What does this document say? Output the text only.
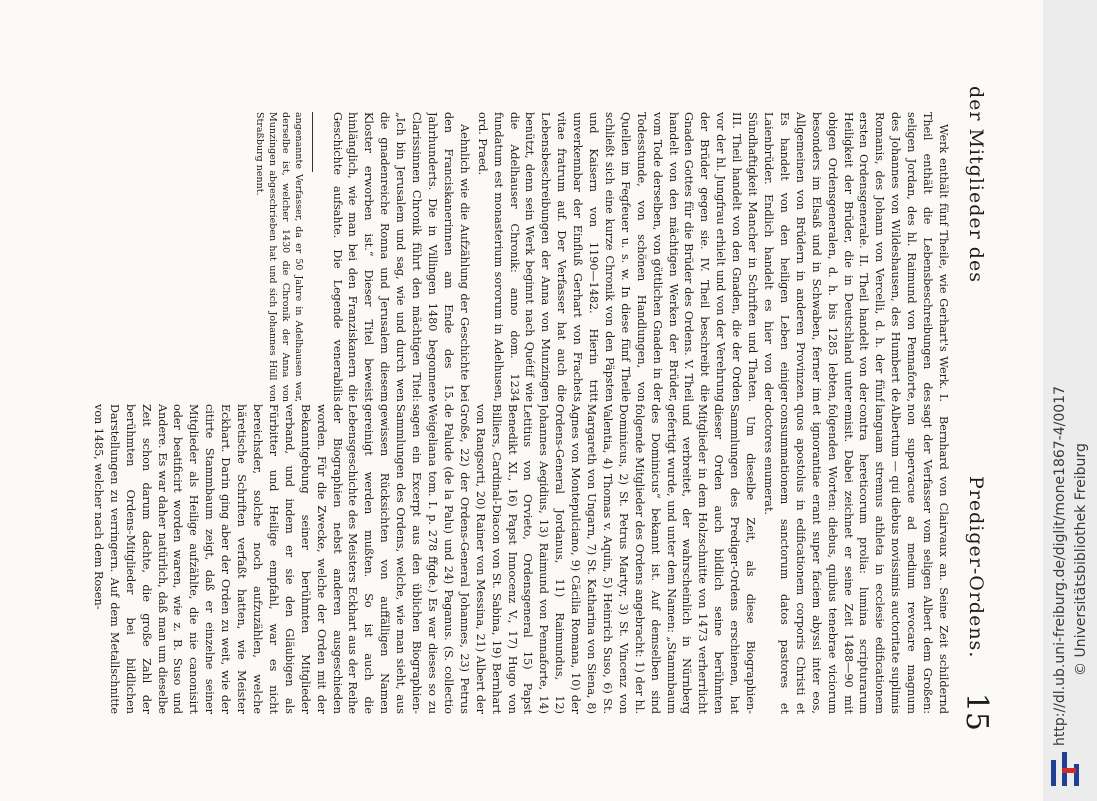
der Mitglieder des
Prediger-Ordens.
15

Werk enthält fünf Theile, wie Gerhart's Werk. I. Theil enthält die Lebensbeschreibungen des seligen Jordan, des hl. Raimund von Pennaforte, des Johannes von Wildeshausen, des Humbert de Romanis, des Johann von Vercelli, d. h. der fünf ersten Ordensgenerale. II. Theil handelt von der Heiligkeit der Brüder, die in Deutschland unter obigen Ordensgeneralen, d. h. bis 1285 lebten, besonders im Elsaß und in Schwaben, ferner im Allgemeinen von Brüdern in anderen Provinzen. Es handelt von den heiligen Leben einiger Laienbrüder. Endlich handelt es hier von der Sündhaftigkeit Mancher in Schriften und Thaten. III. Theil handelt von den Gnaden, die der Orden vor der hl. Jungfrau erhielt und von der Verehrung der Brüder gegen sie. IV. Theil beschreibt die Gnaden Gottes für die Brüder des Ordens. V. Theil handelt von den mächtigen Werken der Brüder, vom Tode derselben, von göttlichen Gnaden in der Todesstunde, von schönen Handlungen, von Quellen im Fegfeuer u. s. w. In diese fünf Theile schließt sich eine kurze Chronik von den Päpsten und Kaisern von 1190—1482. Hierin tritt unverkennbar der Einfluß Gerhart von Frachets vitae fratrum auf. Der Verfasser hat auch die Lebensbeschreibungen der Anna von Munzingen benützt, denn sein Werk beginnt nach Quétif wie die Adelhauser Chronik: anno dom. 1234 fundatum est monasterium sororum in Adelhusen, ord. Praed.

Aehnlich wie die Aufzählung der Geschichte bei den Franciskanerinnen am Ende des 15. Jahrhunderts. Die in Villingen 1480 begonnene Clarissinnen Chronik führt den mächtigen Titel: „Ich bin Jerusalem und sag, wie und durch wen die gnadenreiche Ronna und Jerusalem diesem Kloster erworben ist.“ Dieser Titel beweist hinlänglich, wie man bei den Franziskanern die Geschichte aufsahte. Die Legende venerabilis

angenannte Verfasser, da er 50 Jahre in Adelhausen war, derselbe ist, welcher 1430 die Chronik der Anna von Munzingen abgeschrieben hat und sich Johannes Hüll von Straßburg nennt.

Bernhard von Clairvaux an. Seine Zeit schildernd sagt der Verfasser vom seligen Albert dem Großen: non supervacue ad medium revocare magnum Albertum — qui diebus novissimis auctoritate suplimis languam stremus athleta in ecclesie edificationem contra hereticorum prolia: lumina scripturarum emisit. Dabei zeichnet er seine Zeit 1488—90 mit folgenden Worten: diebus, quibus tenebrae viciorum et ignorantiae erant super faciem abyssi inter eos, quos apostolus in edificationem corporis Christi et consummationem sanctorum datos pastores et doctores enumerat.

Um dieselbe Zeit, als diese Biographien-Sammlungen des Prediger-Ordens erschienen, hat dieser Orden auch bildlich seine berühmten Mitglieder in dem Holzschnitte von 1473 verherrlicht und verbreitet, der wahrscheinlich in Nürnberg gefertigt wurde, und unter dem Namen: „Stammbaum des Dominicus“ bekannt ist. Auf demselben sind folgende Mitglieder des Ordens angebracht: 1) der hl. Dominicus, 2) St. Petrus Martyr, 3) St. Vincenz von Valentia, 4) Thomas v. Aquin, 5) Heinrich Suso, 6) St. Margareth von Ungarn, 7) St. Katharina von Siena, 8) Agnes von Montepulciano, 9) Cäcilia Romana, 10) der Ordens-General Jordanus, 11) Raimundus, 12) Johannes Aegidius, 13) Raimund von Pennaforte, 14) Letitius von Orvieto, Ordensgeneral 15) Papst Benedikt XI., 16) Papst Innocenz V., 17) Hugo von Billiers, Cardinal-Diacon von St. Sabina, 19) Bernhart von Rangsorti, 20) Rainer von Messina, 21) Albert der Große, 22) der Ordens-General Johannes, 23) Petrus de Palude (de la Palu) und 24) Paganus. (S. collectio Weigeliana tom. I. p. 278 ffgde.) Es war dieses so zu sagen ein Excerpt aus den üblichen Biographien-Sammlungen des Ordens, welche, wie man sieht, aus gewissen Rücksichten von auffälligen Namen gereinigt werden mußten. So ist auch die Lebensgeschichte des Meisters Eckhart aus der Reihe der Biographien nebst anderen ausgeschieden worden. Für die Zwecke, welche der Orden mit der Bekanntgebung seiner berühmten Mitglieder verband, und indem er sie den Gläubigen als Fürbitter und Heilige empfahl, war es nicht bereichsder, solche noch aufzuzählen, welche häretische Schriften verfaßt hatten, wie Meister Eckhart. Darin ging aber der Orden zu weit, wie der citirte Stammbaum zeigt, daß er einzelne seiner Mitglieder als Heilige aufzählte, die nie canonisirt oder beatificirt worden waren, wie z. B. Suso und Andere. Es war daher natürlich, daß man um dieselbe Zeit schon darum dachte, die große Zahl der berühmten Ordens-Mitglieder bei bildlichen Darstellungen zu verringern. Auf dem Metallschnitte von 1485, welcher nach dem Rosen-	http://dl.ub.uni-freiburg.de/diglit/mone1867-4/0017 © Universitätsbibliothek Freiburg
